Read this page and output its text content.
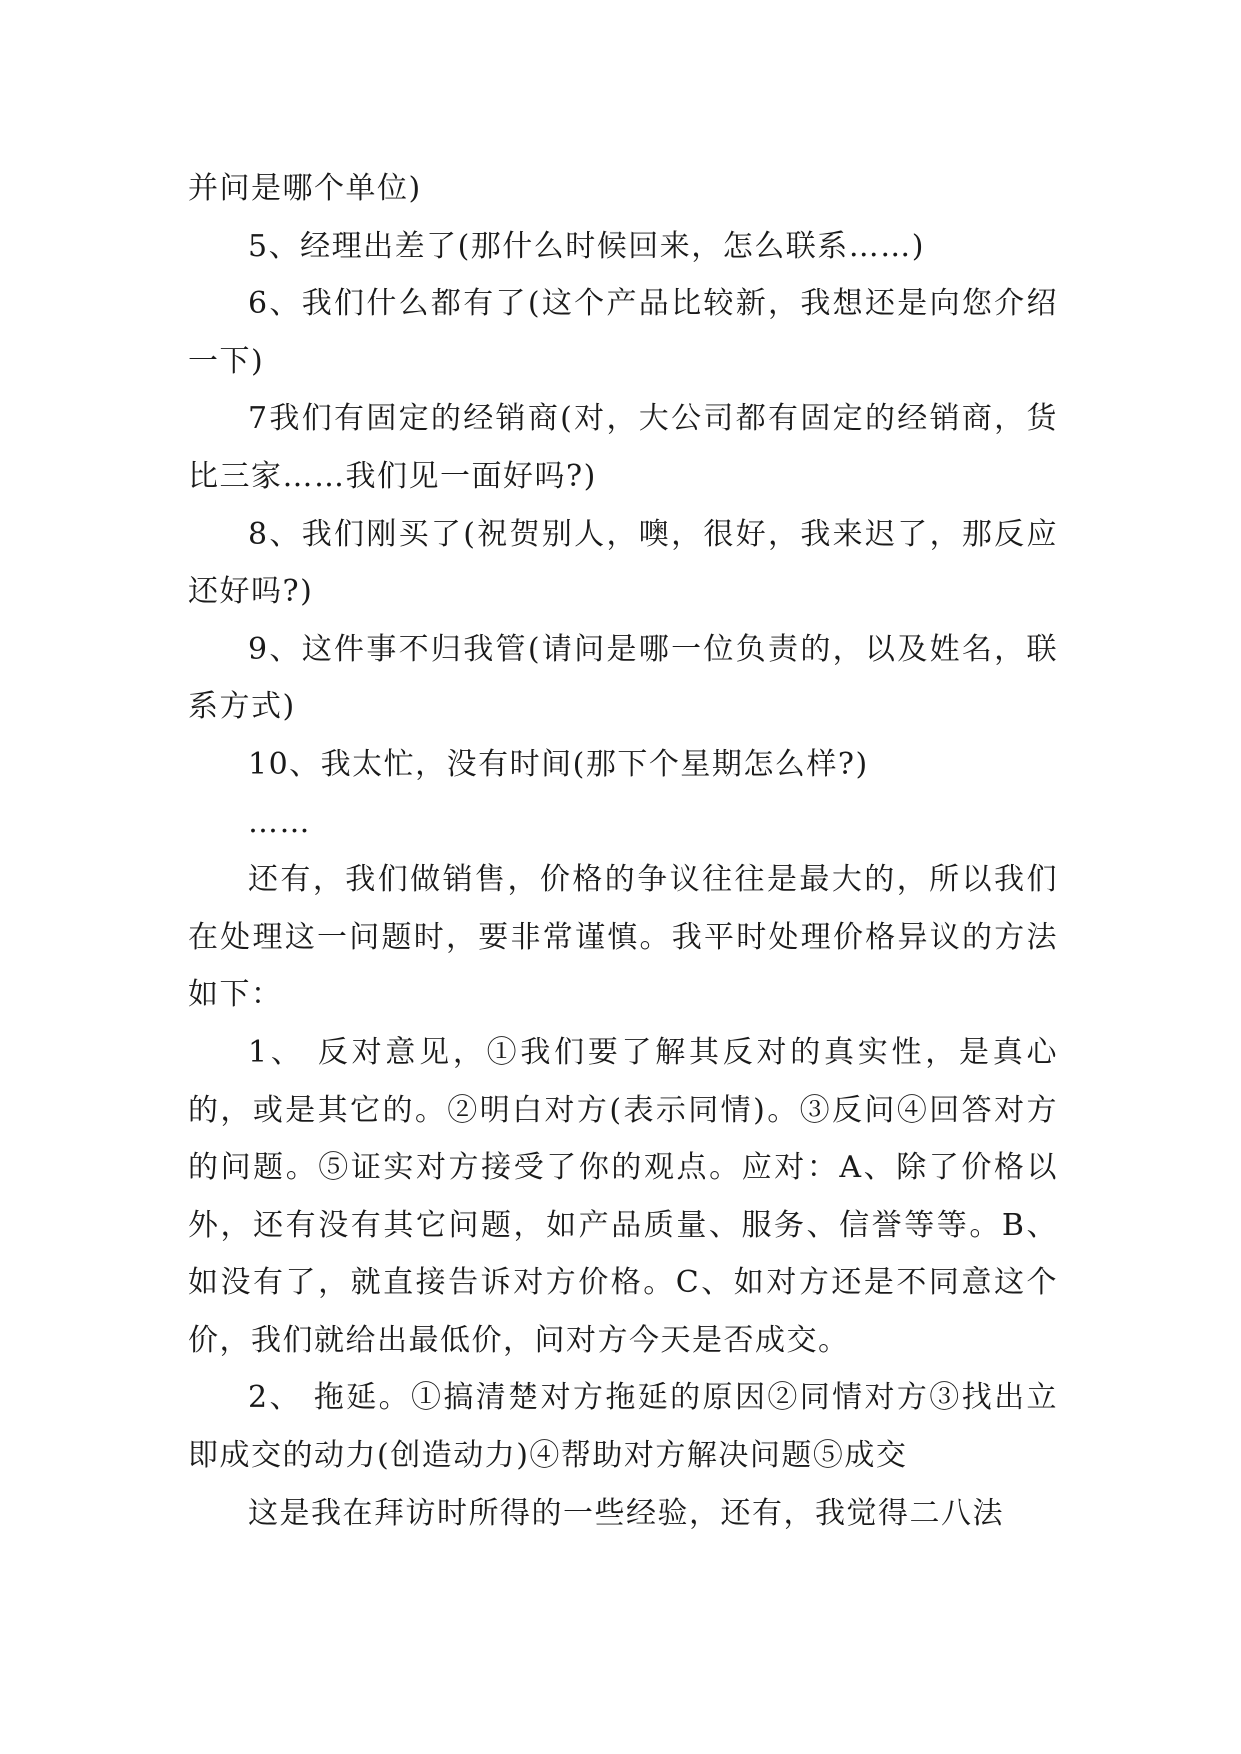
并问是哪个单位)

5、经理出差了(那什么时候回来，怎么联系……)

6、我们什么都有了(这个产品比较新，我想还是向您介绍一下)

7我们有固定的经销商(对，大公司都有固定的经销商，货比三家……我们见一面好吗?)

8、我们刚买了(祝贺别人，噢，很好，我来迟了，那反应还好吗?)

9、这件事不归我管(请问是哪一位负责的，以及姓名，联系方式)

10、我太忙，没有时间(那下个星期怎么样?)

……

还有，我们做销售，价格的争议往往是最大的，所以我们在处理这一问题时，要非常谨慎。我平时处理价格异议的方法如下：

1、 反对意见，①我们要了解其反对的真实性，是真心的，或是其它的。②明白对方(表示同情)。③反问④回答对方的问题。⑤证实对方接受了你的观点。应对：A、除了价格以外，还有没有其它问题，如产品质量、服务、信誉等等。B、如没有了，就直接告诉对方价格。C、如对方还是不同意这个价，我们就给出最低价，问对方今天是否成交。

2、 拖延。①搞清楚对方拖延的原因②同情对方③找出立即成交的动力(创造动力)④帮助对方解决问题⑤成交

这是我在拜访时所得的一些经验，还有，我觉得二八法
